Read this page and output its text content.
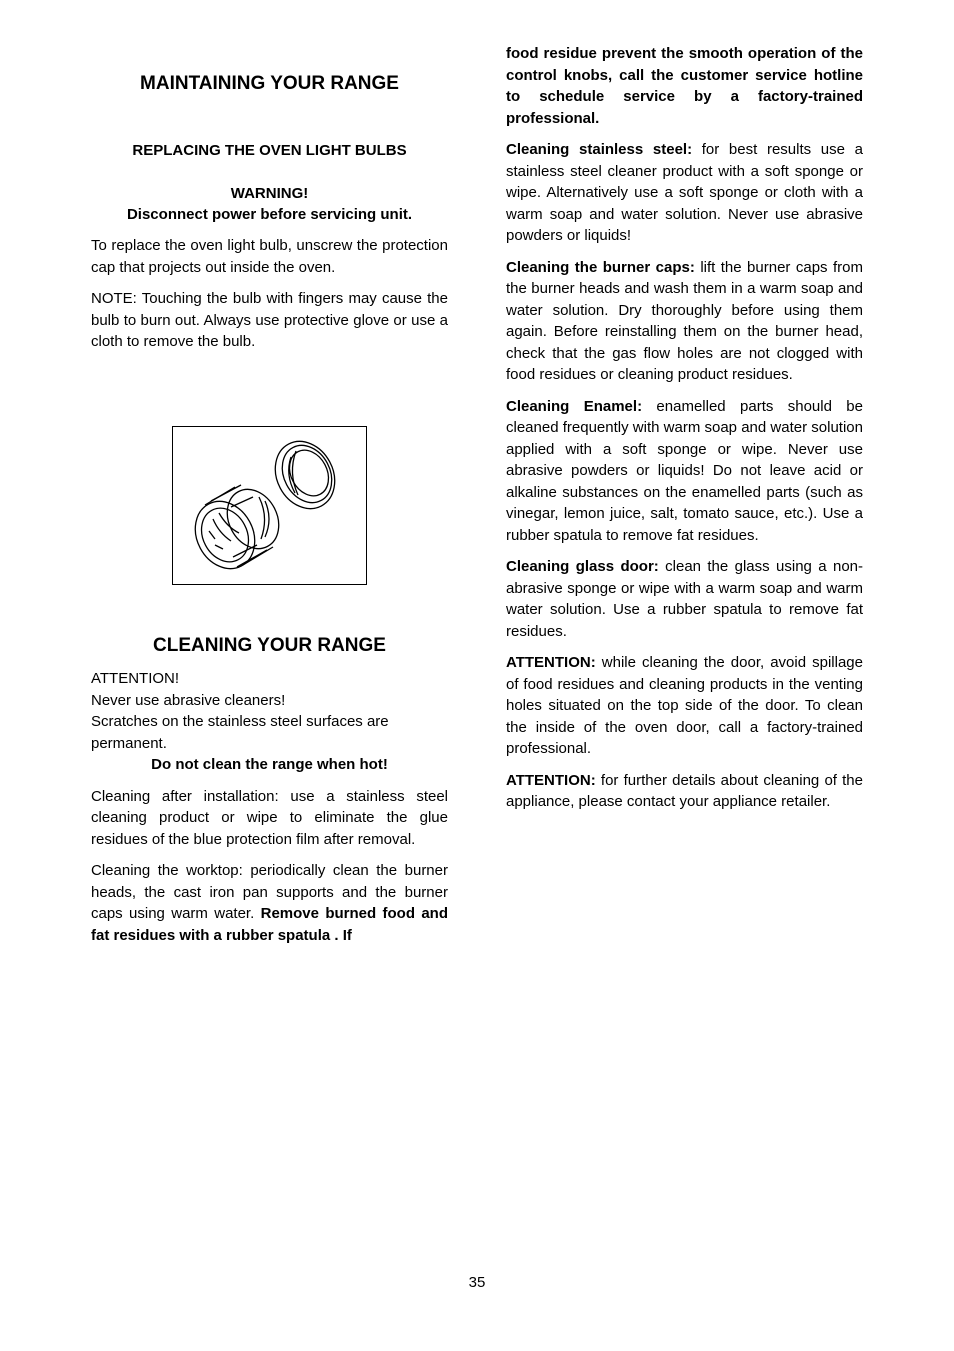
MAINTAINING YOUR RANGE
REPLACING THE OVEN LIGHT BULBS
WARNING!
Disconnect power before servicing unit.

To replace the oven light bulb, unscrew the protection cap that projects out inside the oven.

NOTE: Touching the bulb with fingers may cause the bulb to burn out. Always use protective glove or use a cloth to remove the bulb.

CLEANING YOUR RANGE
ATTENTION!
Never use abrasive cleaners!
Scratches on the stainless steel surfaces are permanent.
Do not clean the range when hot!

Cleaning after installation: use a stainless steel cleaning product or wipe to eliminate the glue residues of the blue protection film after removal.

Cleaning the worktop: periodically clean the burner heads, the cast iron pan supports and the burner caps using warm water. Remove burned food and fat residues with a rubber spatula . If

food residue prevent the smooth operation of the control knobs, call the customer service hotline to schedule service by a factory-trained professional.

Cleaning stainless steel: for best results use a stainless steel cleaner product with a soft sponge or wipe. Alternatively use a soft sponge or cloth with a warm soap and water solution. Never use abrasive powders or liquids!

Cleaning the burner caps: lift the burner caps from the burner heads and wash them in a warm soap and water solution. Dry thoroughly before using them again. Before reinstalling them on the burner head, check that the gas flow holes are not clogged with food residues or cleaning product residues.

Cleaning Enamel: enamelled parts should be cleaned frequently with warm soap and water solution applied with a soft sponge or wipe. Never use abrasive powders or liquids! Do not leave acid or alkaline substances on the enamelled parts (such as vinegar, lemon juice, salt, tomato sauce, etc.). Use a rubber spatula to remove fat residues.

Cleaning glass door: clean the glass using a non-abrasive sponge or wipe with a warm soap and warm water solution. Use a rubber spatula to remove fat residues.

ATTENTION: while cleaning the door, avoid spillage of food residues and cleaning products in the venting holes situated on the top side of the door. To clean the inside of the oven door, call a factory-trained professional.

ATTENTION: for further details about cleaning of the appliance, please contact your appliance retailer.

35
